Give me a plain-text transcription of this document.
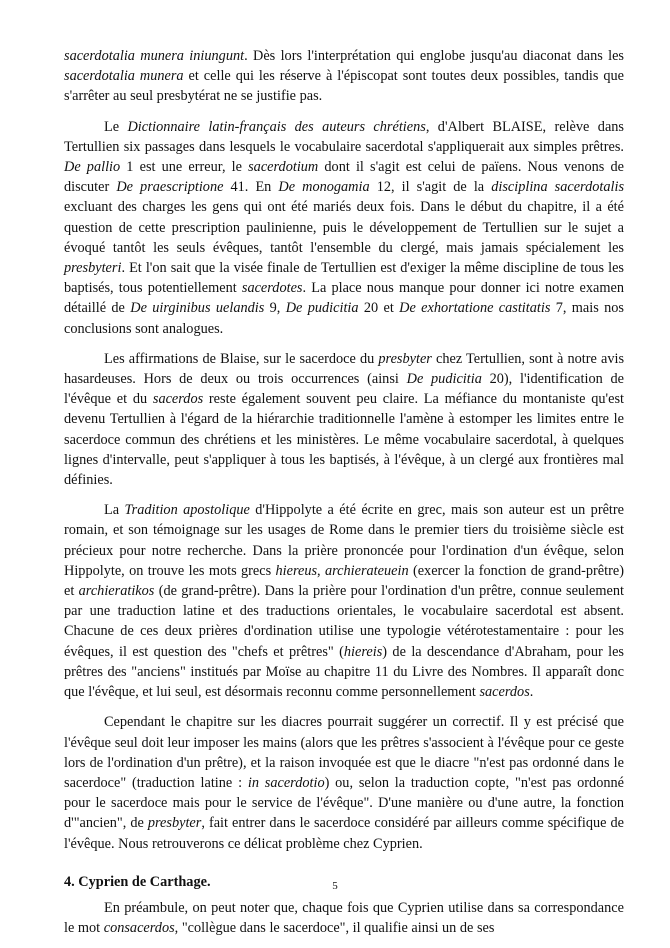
sacerdotalia munera iniungunt. Dès lors l'interprétation qui englobe jusqu'au diaconat dans les sacerdotalia munera et celle qui les réserve à l'épiscopat sont toutes deux possibles, tandis que s'arrêter au seul presbytérat ne se justifie pas.

Le Dictionnaire latin-français des auteurs chrétiens, d'Albert BLAISE, relève dans Tertullien six passages dans lesquels le vocabulaire sacerdotal s'appliquerait aux simples prêtres. De pallio 1 est une erreur, le sacerdotium dont il s'agit est celui de païens. Nous venons de discuter De praescriptione 41. En De monogamia 12, il s'agit de la disciplina sacerdotalis excluant des charges les gens qui ont été mariés deux fois. Dans le début du chapitre, il a été question de cette prescription paulinienne, puis le développement de Tertullien sur le sujet a évoqué tantôt les seuls évêques, tantôt l'ensemble du clergé, mais jamais spécialement les presbyteri. Et l'on sait que la visée finale de Tertullien est d'exiger la même discipline de tous les baptisés, tous potentiellement sacerdotes. La place nous manque pour donner ici notre examen détaillé de De uirginibus uelandis 9, De pudicitia 20 et De exhortatione castitatis 7, mais nos conclusions sont analogues.

Les affirmations de Blaise, sur le sacerdoce du presbyter chez Tertullien, sont à notre avis hasardeuses. Hors de deux ou trois occurrences (ainsi De pudicitia 20), l'identification de l'évêque et du sacerdos reste également souvent peu claire. La méfiance du montaniste qu'est devenu Tertullien à l'égard de la hiérarchie traditionnelle l'amène à estomper les limites entre le sacerdoce commun des chrétiens et les ministères. Le même vocabulaire sacerdotal, à quelques lignes d'intervalle, peut s'appliquer à tous les baptisés, à l'évêque, à un clergé aux frontières mal définies.

La Tradition apostolique d'Hippolyte a été écrite en grec, mais son auteur est un prêtre romain, et son témoignage sur les usages de Rome dans le premier tiers du troisième siècle est précieux pour notre recherche. Dans la prière prononcée pour l'ordination d'un évêque, selon Hippolyte, on trouve les mots grecs hiereus, archierateuein (exercer la fonction de grand-prêtre) et archieratikos (de grand-prêtre). Dans la prière pour l'ordination d'un prêtre, connue seulement par une traduction latine et des traductions orientales, le vocabulaire sacerdotal est absent. Chacune de ces deux prières d'ordination utilise une typologie vétérotestamentaire : pour les évêques, il est question des "chefs et prêtres" (hiereis) de la descendance d'Abraham, pour les prêtres des "anciens" institués par Moïse au chapitre 11 du Livre des Nombres. Il apparaît donc que l'évêque, et lui seul, est désormais reconnu comme personnellement sacerdos.

Cependant le chapitre sur les diacres pourrait suggérer un correctif. Il y est précisé que l'évêque seul doit leur imposer les mains (alors que les prêtres s'associent à l'évêque pour ce geste lors de l'ordination d'un prêtre), et la raison invoquée est que le diacre "n'est pas ordonné dans le sacerdoce" (traduction latine : in sacerdotio) ou, selon la traduction copte, "n'est pas ordonné pour le sacerdoce mais pour le service de l'évêque". D'une manière ou d'une autre, la fonction d'"ancien", de presbyter, fait entrer dans le sacerdoce considéré par ailleurs comme spécifique de l'évêque. Nous retrouverons ce délicat problème chez Cyprien.

4. Cyprien de Carthage.

En préambule, on peut noter que, chaque fois que Cyprien utilise dans sa correspondance le mot consacerdos, "collègue dans le sacerdoce", il qualifie ainsi un de ses

5
